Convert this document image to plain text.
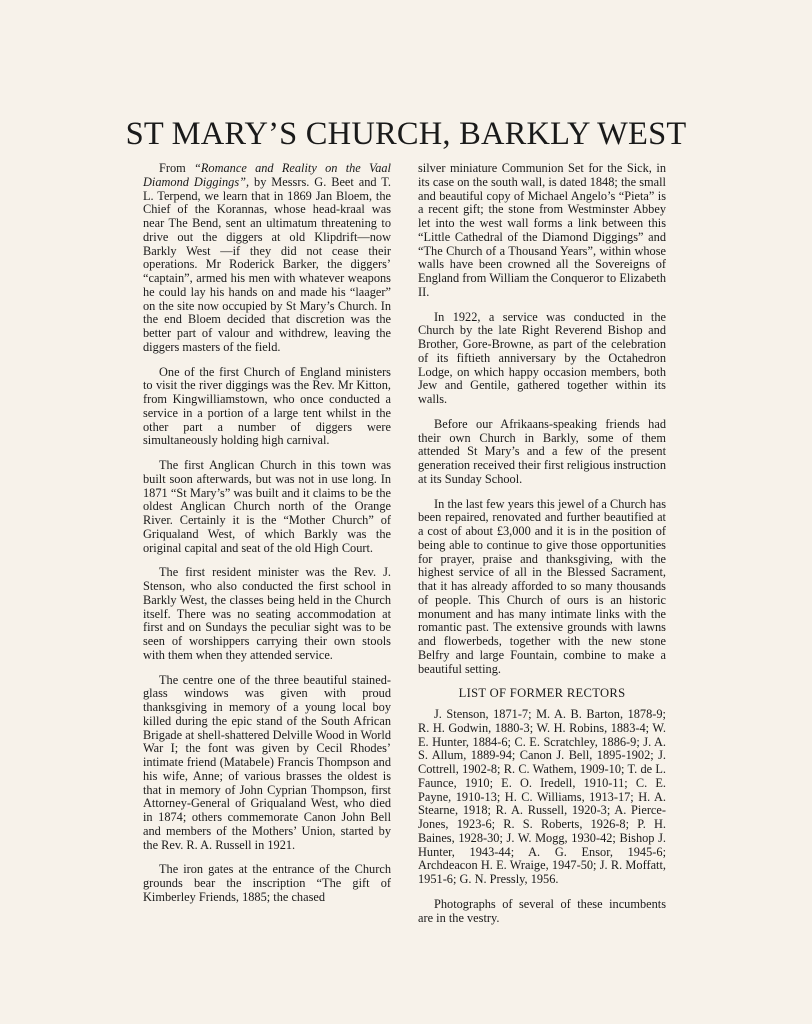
ST MARY’S CHURCH, BARKLY WEST

From “Romance and Reality on the Vaal Diamond Diggings”, by Messrs. G. Beet and T. L. Terpend, we learn that in 1869 Jan Bloem, the Chief of the Korannas, whose head-kraal was near The Bend, sent an ultimatum threatening to drive out the diggers at old Klipdrift—now Barkly West —if they did not cease their operations. Mr Roderick Barker, the diggers’ “captain”, armed his men with whatever weapons he could lay his hands on and made his “laager” on the site now occupied by St Mary’s Church. In the end Bloem decided that discretion was the better part of valour and withdrew, leaving the diggers masters of the field.

One of the first Church of England ministers to visit the river diggings was the Rev. Mr Kitton, from Kingwilliamstown, who once conducted a service in a portion of a large tent whilst in the other part a number of diggers were simultaneously holding high carnival.

The first Anglican Church in this town was built soon afterwards, but was not in use long. In 1871 “St Mary’s” was built and it claims to be the oldest Anglican Church north of the Orange River. Certainly it is the “Mother Church” of Griqualand West, of which Barkly was the original capital and seat of the old High Court.

The first resident minister was the Rev. J. Stenson, who also conducted the first school in Barkly West, the classes being held in the Church itself. There was no seating accommodation at first and on Sundays the peculiar sight was to be seen of worshippers carrying their own stools with them when they attended service.

The centre one of the three beautiful stained-glass windows was given with proud thanksgiving in memory of a young local boy killed during the epic stand of the South African Brigade at shell-shattered Delville Wood in World War I; the font was given by Cecil Rhodes’ intimate friend (Matabele) Francis Thompson and his wife, Anne; of various brasses the oldest is that in memory of John Cyprian Thompson, first Attorney-General of Griqualand West, who died in 1874; others commemorate Canon John Bell and members of the Mothers’ Union, started by the Rev. R. A. Russell in 1921.

The iron gates at the entrance of the Church grounds bear the inscription “The gift of Kimberley Friends, 1885; the chased

silver miniature Communion Set for the Sick, in its case on the south wall, is dated 1848; the small and beautiful copy of Michael Angelo’s “Pieta” is a recent gift; the stone from Westminster Abbey let into the west wall forms a link between this “Little Cathedral of the Diamond Diggings” and “The Church of a Thousand Years”, within whose walls have been crowned all the Sovereigns of England from William the Conqueror to Elizabeth II.

In 1922, a service was conducted in the Church by the late Right Reverend Bishop and Brother, Gore-Browne, as part of the celebration of its fiftieth anniversary by the Octahedron Lodge, on which happy occasion members, both Jew and Gentile, gathered together within its walls.

Before our Afrikaans-speaking friends had their own Church in Barkly, some of them attended St Mary’s and a few of the present generation received their first religious instruction at its Sunday School.

In the last few years this jewel of a Church has been repaired, renovated and further beautified at a cost of about £3,000 and it is in the position of being able to continue to give those opportunities for prayer, praise and thanksgiving, with the highest service of all in the Blessed Sacrament, that it has already afforded to so many thousands of people. This Church of ours is an historic monument and has many intimate links with the romantic past. The extensive grounds with lawns and flowerbeds, together with the new stone Belfry and large Fountain, combine to make a beautiful setting.

LIST OF FORMER RECTORS

J. Stenson, 1871-7; M. A. B. Barton, 1878-9; R. H. Godwin, 1880-3; W. H. Robins, 1883-4; W. E. Hunter, 1884-6; C. E. Scratchley, 1886-9; J. A. S. Allum, 1889-94; Canon J. Bell, 1895-1902; J. Cottrell, 1902-8; R. C. Wathem, 1909-10; T. de L. Faunce, 1910; E. O. Iredell, 1910-11; C. E. Payne, 1910-13; H. C. Williams, 1913-17; H. A. Stearne, 1918; R. A. Russell, 1920-3; A. Pierce-Jones, 1923-6; R. S. Roberts, 1926-8; P. H. Baines, 1928-30; J. W. Mogg, 1930-42; Bishop J. Hunter, 1943-44; A. G. Ensor, 1945-6; Archdeacon H. E. Wraige, 1947-50; J. R. Moffatt, 1951-6; G. N. Pressly, 1956.

Photographs of several of these incumbents are in the vestry.
